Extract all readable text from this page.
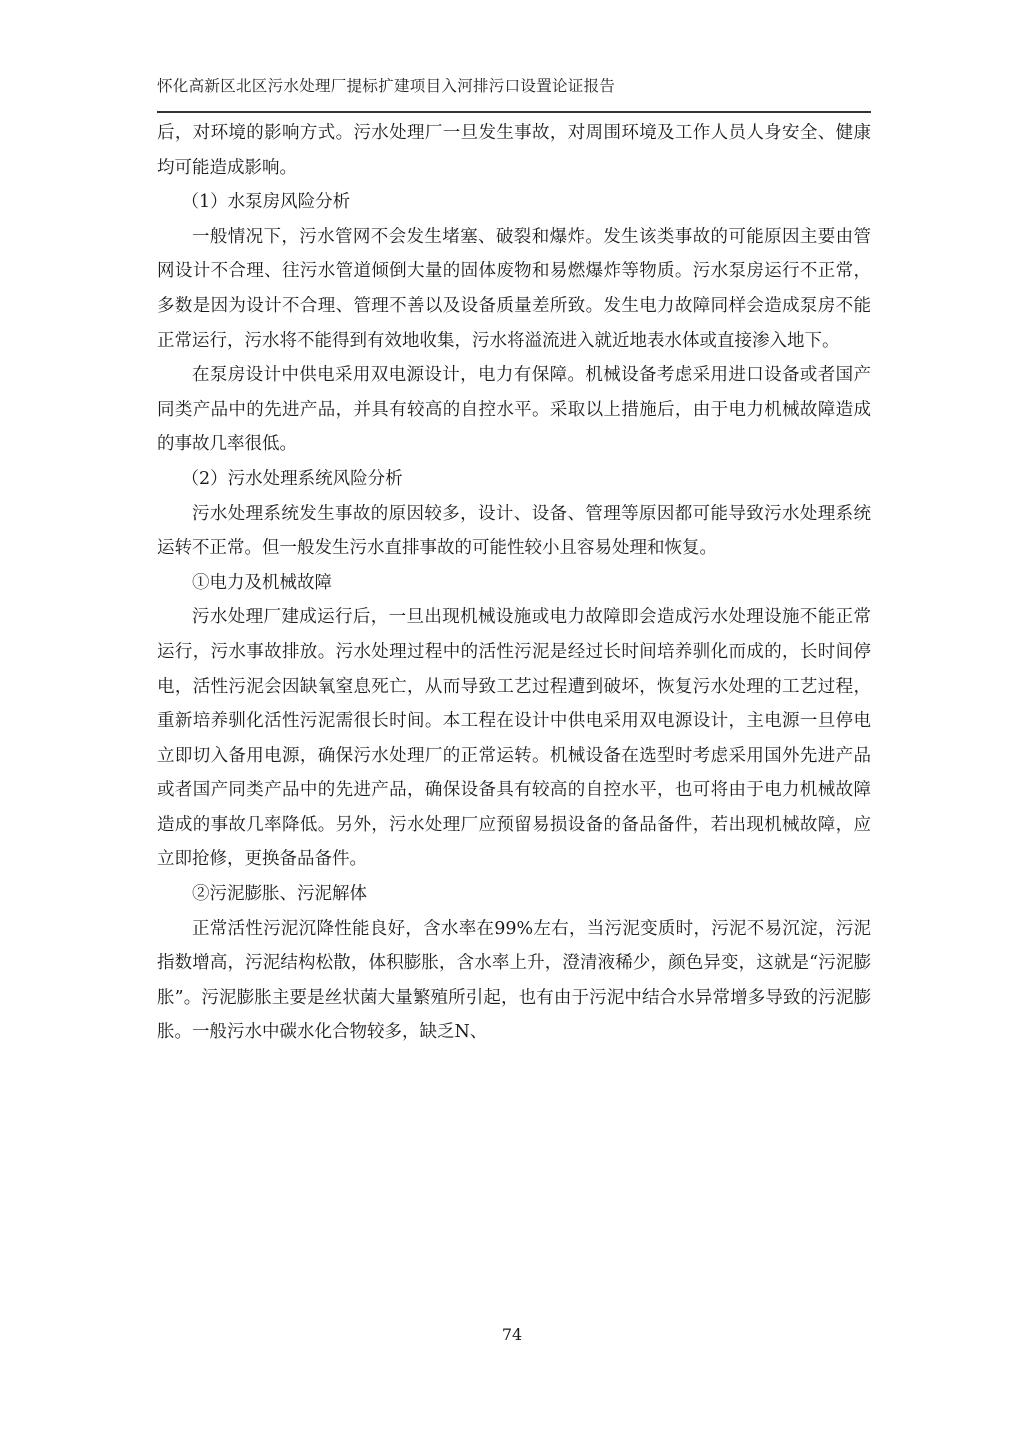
怀化高新区北区污水处理厂提标扩建项目入河排污口设置论证报告

后，对环境的影响方式。污水处理厂一旦发生事故，对周围环境及工作人员人身安全、健康均可能造成影响。

（1）水泵房风险分析

一般情况下，污水管网不会发生堵塞、破裂和爆炸。发生该类事故的可能原因主要由管网设计不合理、往污水管道倾倒大量的固体废物和易燃爆炸等物质。污水泵房运行不正常，多数是因为设计不合理、管理不善以及设备质量差所致。发生电力故障同样会造成泵房不能正常运行，污水将不能得到有效地收集，污水将溢流进入就近地表水体或直接渗入地下。

在泵房设计中供电采用双电源设计，电力有保障。机械设备考虑采用进口设备或者国产同类产品中的先进产品，并具有较高的自控水平。采取以上措施后，由于电力机械故障造成的事故几率很低。

（2）污水处理系统风险分析

污水处理系统发生事故的原因较多，设计、设备、管理等原因都可能导致污水处理系统运转不正常。但一般发生污水直排事故的可能性较小且容易处理和恢复。

①电力及机械故障

污水处理厂建成运行后，一旦出现机械设施或电力故障即会造成污水处理设施不能正常运行，污水事故排放。污水处理过程中的活性污泥是经过长时间培养驯化而成的，长时间停电，活性污泥会因缺氧窒息死亡，从而导致工艺过程遭到破坏，恢复污水处理的工艺过程，重新培养驯化活性污泥需很长时间。本工程在设计中供电采用双电源设计，主电源一旦停电立即切入备用电源，确保污水处理厂的正常运转。机械设备在选型时考虑采用国外先进产品或者国产同类产品中的先进产品，确保设备具有较高的自控水平，也可将由于电力机械故障造成的事故几率降低。另外，污水处理厂应预留易损设备的备品备件，若出现机械故障，应立即抢修，更换备品备件。

②污泥膨胀、污泥解体

正常活性污泥沉降性能良好，含水率在99%左右，当污泥变质时，污泥不易沉淀，污泥指数增高，污泥结构松散，体积膨胀，含水率上升，澄清液稀少，颜色异变，这就是“污泥膨胀”。污泥膨胀主要是丝状菌大量繁殖所引起，也有由于污泥中结合水异常增多导致的污泥膨胀。一般污水中碳水化合物较多，缺乏N、

74
